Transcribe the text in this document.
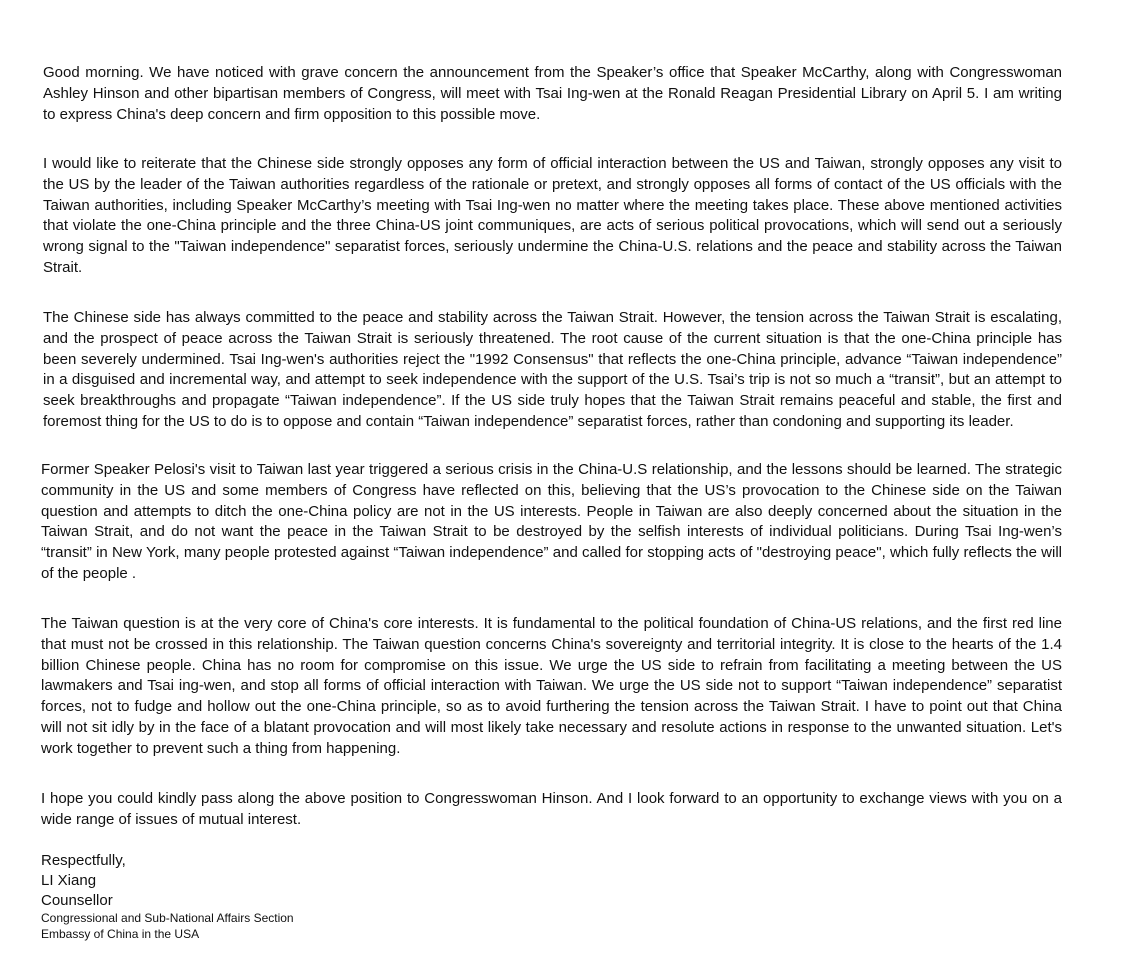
Good morning. We have noticed with grave concern the announcement from the Speaker’s office that Speaker McCarthy, along with Congresswoman Ashley Hinson and other bipartisan members of Congress, will meet with Tsai Ing-wen at the Ronald Reagan Presidential Library on April 5. I am writing to express China's deep concern and firm opposition to this possible move.

I would like to reiterate that the Chinese side strongly opposes any form of official interaction between the US and Taiwan, strongly opposes any visit to the US by the leader of the Taiwan authorities regardless of the rationale or pretext, and strongly opposes all forms of contact of the US officials with the Taiwan authorities, including Speaker McCarthy’s meeting with Tsai Ing-wen no matter where the meeting takes place. These above mentioned activities that violate the one-China principle and the three China-US joint communiques, are acts of serious political provocations, which will send out a seriously wrong signal to the "Taiwan independence" separatist forces, seriously undermine the China-U.S. relations and the peace and stability across the Taiwan Strait.

The Chinese side has always committed to the peace and stability across the Taiwan Strait. However, the tension across the Taiwan Strait is escalating, and the prospect of peace across the Taiwan Strait is seriously threatened. The root cause of the current situation is that the one-China principle has been severely undermined. Tsai Ing-wen's authorities reject the "1992 Consensus" that reflects the one-China principle, advance “Taiwan independence” in a disguised and incremental way, and attempt to seek independence with the support of the U.S. Tsai’s trip is not so much a “transit”, but an attempt to seek breakthroughs and propagate “Taiwan independence”. If the US side truly hopes that the Taiwan Strait remains peaceful and stable, the first and foremost thing for the US to do is to oppose and contain “Taiwan independence” separatist forces, rather than condoning and supporting its leader.

Former Speaker Pelosi's visit to Taiwan last year triggered a serious crisis in the China-U.S relationship, and the lessons should be learned. The strategic community in the US and some members of Congress have reflected on this, believing that the US’s provocation to the Chinese side on the Taiwan question and attempts to ditch the one-China policy are not in the US interests. People in Taiwan are also deeply concerned about the situation in the Taiwan Strait, and do not want the peace in the Taiwan Strait to be destroyed by the selfish interests of individual politicians. During Tsai Ing-wen’s “transit” in New York, many people protested against “Taiwan independence” and called for stopping acts of "destroying peace", which fully reflects the will of the people .

The Taiwan question is at the very core of China's core interests. It is fundamental to the political foundation of China-US relations, and the first red line that must not be crossed in this relationship. The Taiwan question concerns China's sovereignty and territorial integrity. It is close to the hearts of the 1.4 billion Chinese people. China has no room for compromise on this issue. We urge the US side to refrain from facilitating a meeting between the US lawmakers and Tsai ing-wen, and stop all forms of official interaction with Taiwan. We urge the US side not to support “Taiwan independence” separatist forces, not to fudge and hollow out the one-China principle, so as to avoid furthering the tension across the Taiwan Strait. I have to point out that China will not sit idly by in the face of a blatant provocation and will most likely take necessary and resolute actions in response to the unwanted situation. Let's work together to prevent such a thing from happening.

I hope you could kindly pass along the above position to Congresswoman Hinson. And I look forward to an opportunity to exchange views with you on a wide range of issues of mutual interest.

Respectfully,
LI Xiang
Counsellor
Congressional and Sub-National Affairs Section
Embassy of China in the USA
